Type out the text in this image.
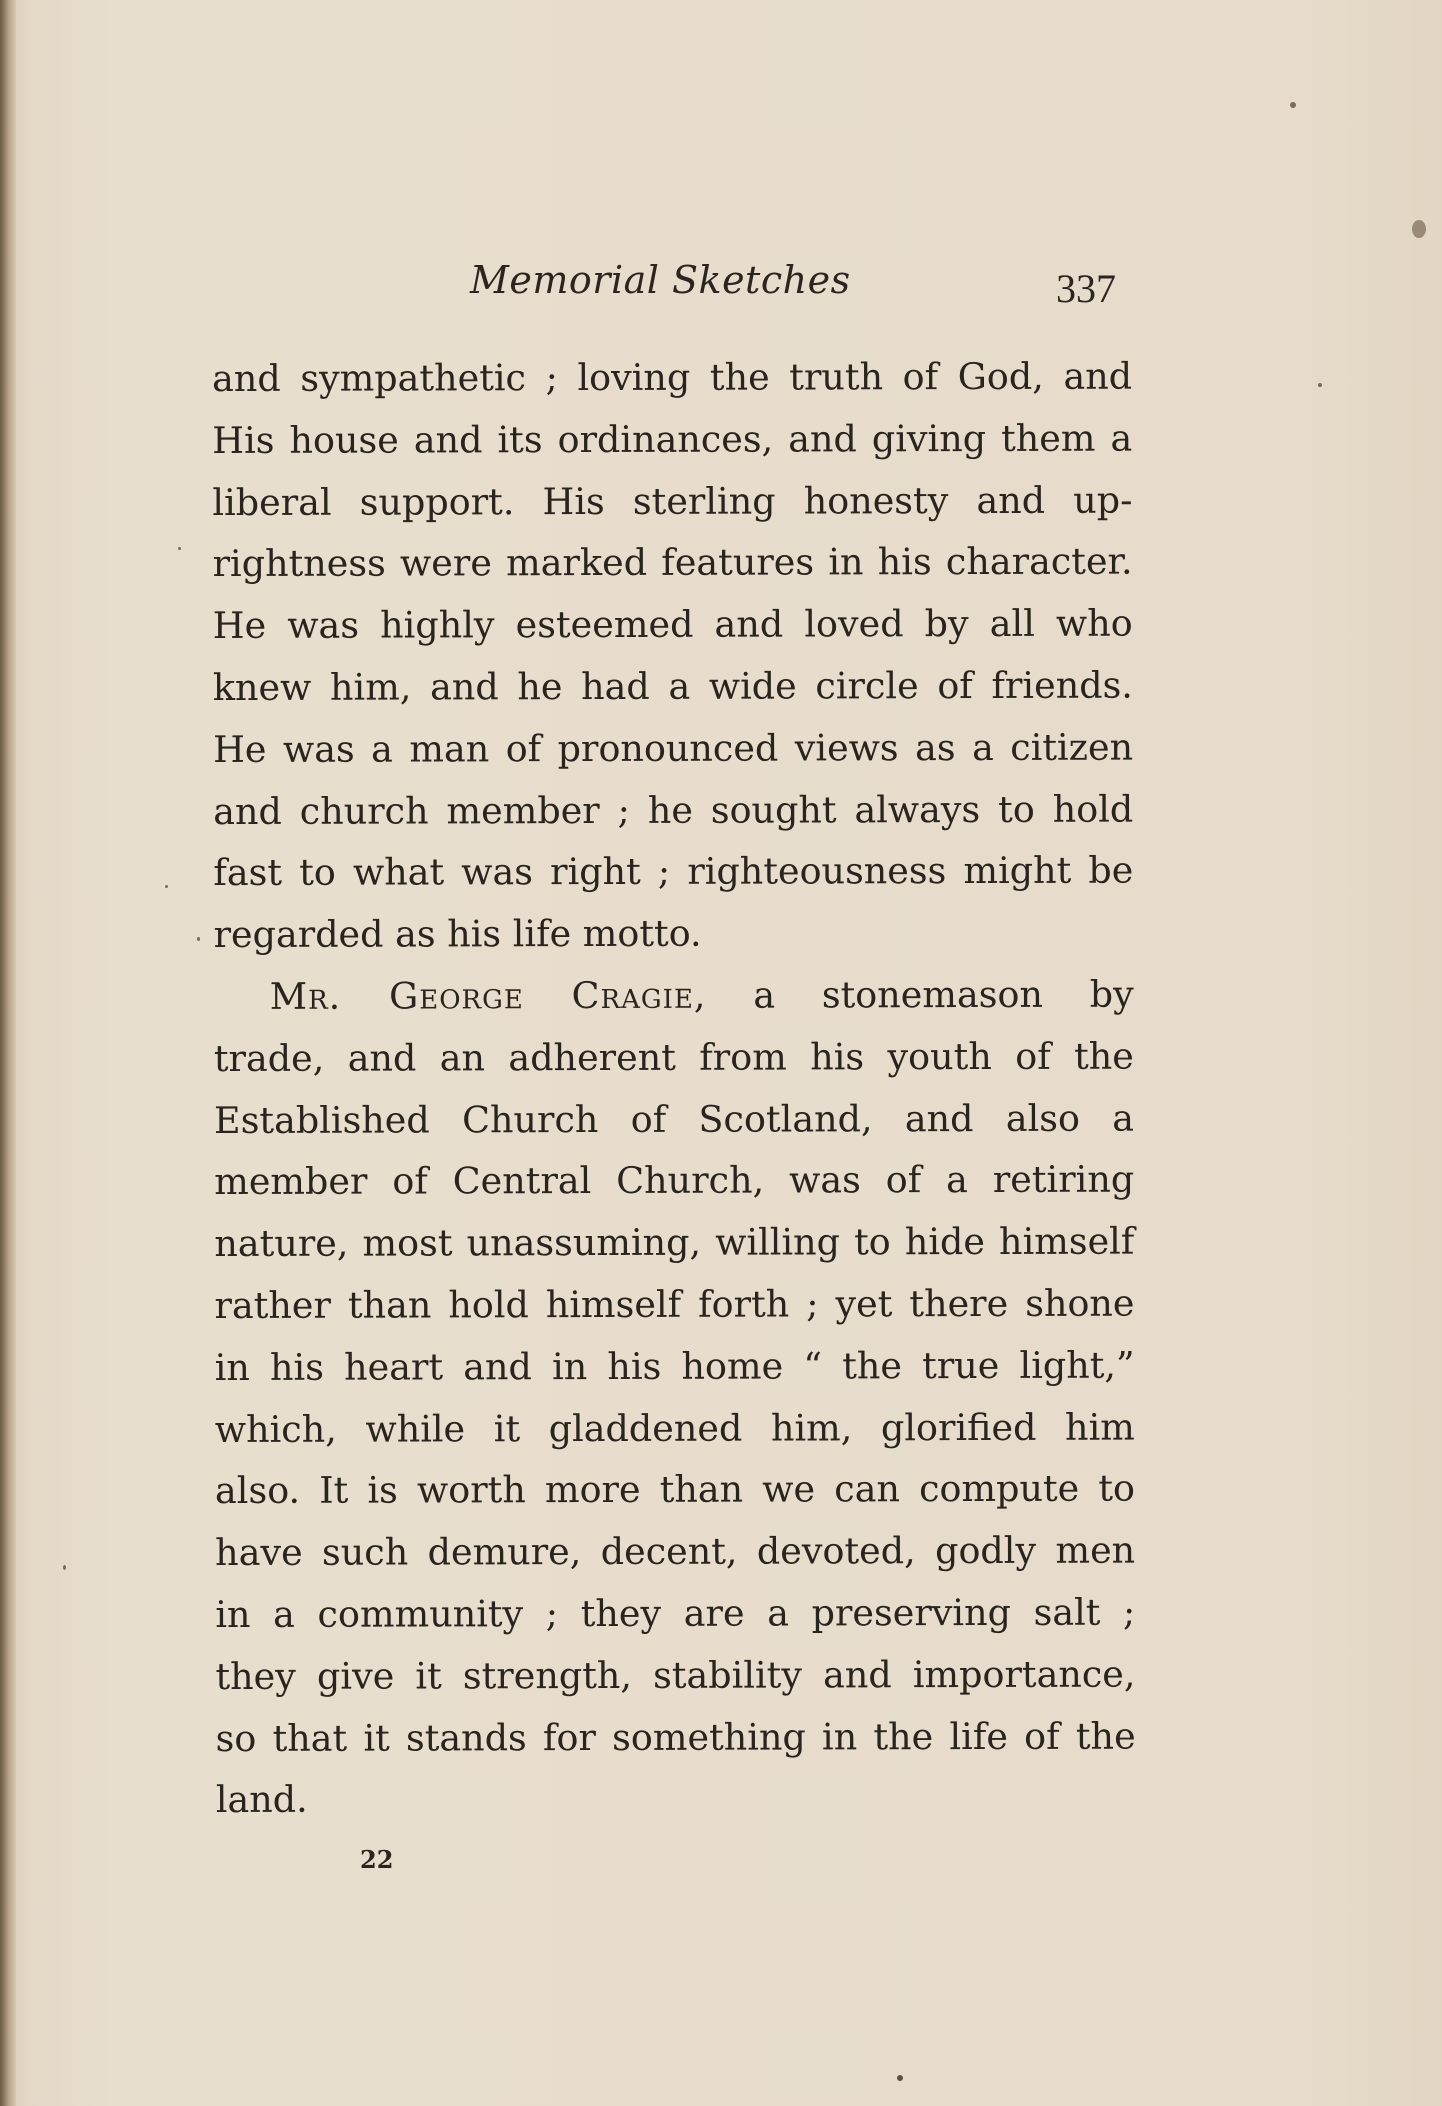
Memorial Sketches	337
and sympathetic ; loving the truth of God, and
His house and its ordinances, and giving them a
liberal support. His sterling honesty and up-
rightness were marked features in his character.
He was highly esteemed and loved by all who
knew him, and he had a wide circle of friends.
He was a man of pronounced views as a citizen
and church member ; he sought always to hold
fast to what was right ; righteousness might be
regarded as his life motto.
Mr. George Cragie, a stonemason by
trade, and an adherent from his youth of the
Established Church of Scotland, and also a
member of Central Church, was of a retiring
nature, most unassuming, willing to hide himself
rather than hold himself forth ; yet there shone
in his heart and in his home “ the true light,”
which, while it gladdened him, glorified him
also. It is worth more than we can compute to
have such demure, decent, devoted, godly men
in a community ; they are a preserving salt ;
they give it strength, stability and importance,
so that it stands for something in the life of the
land.
22
